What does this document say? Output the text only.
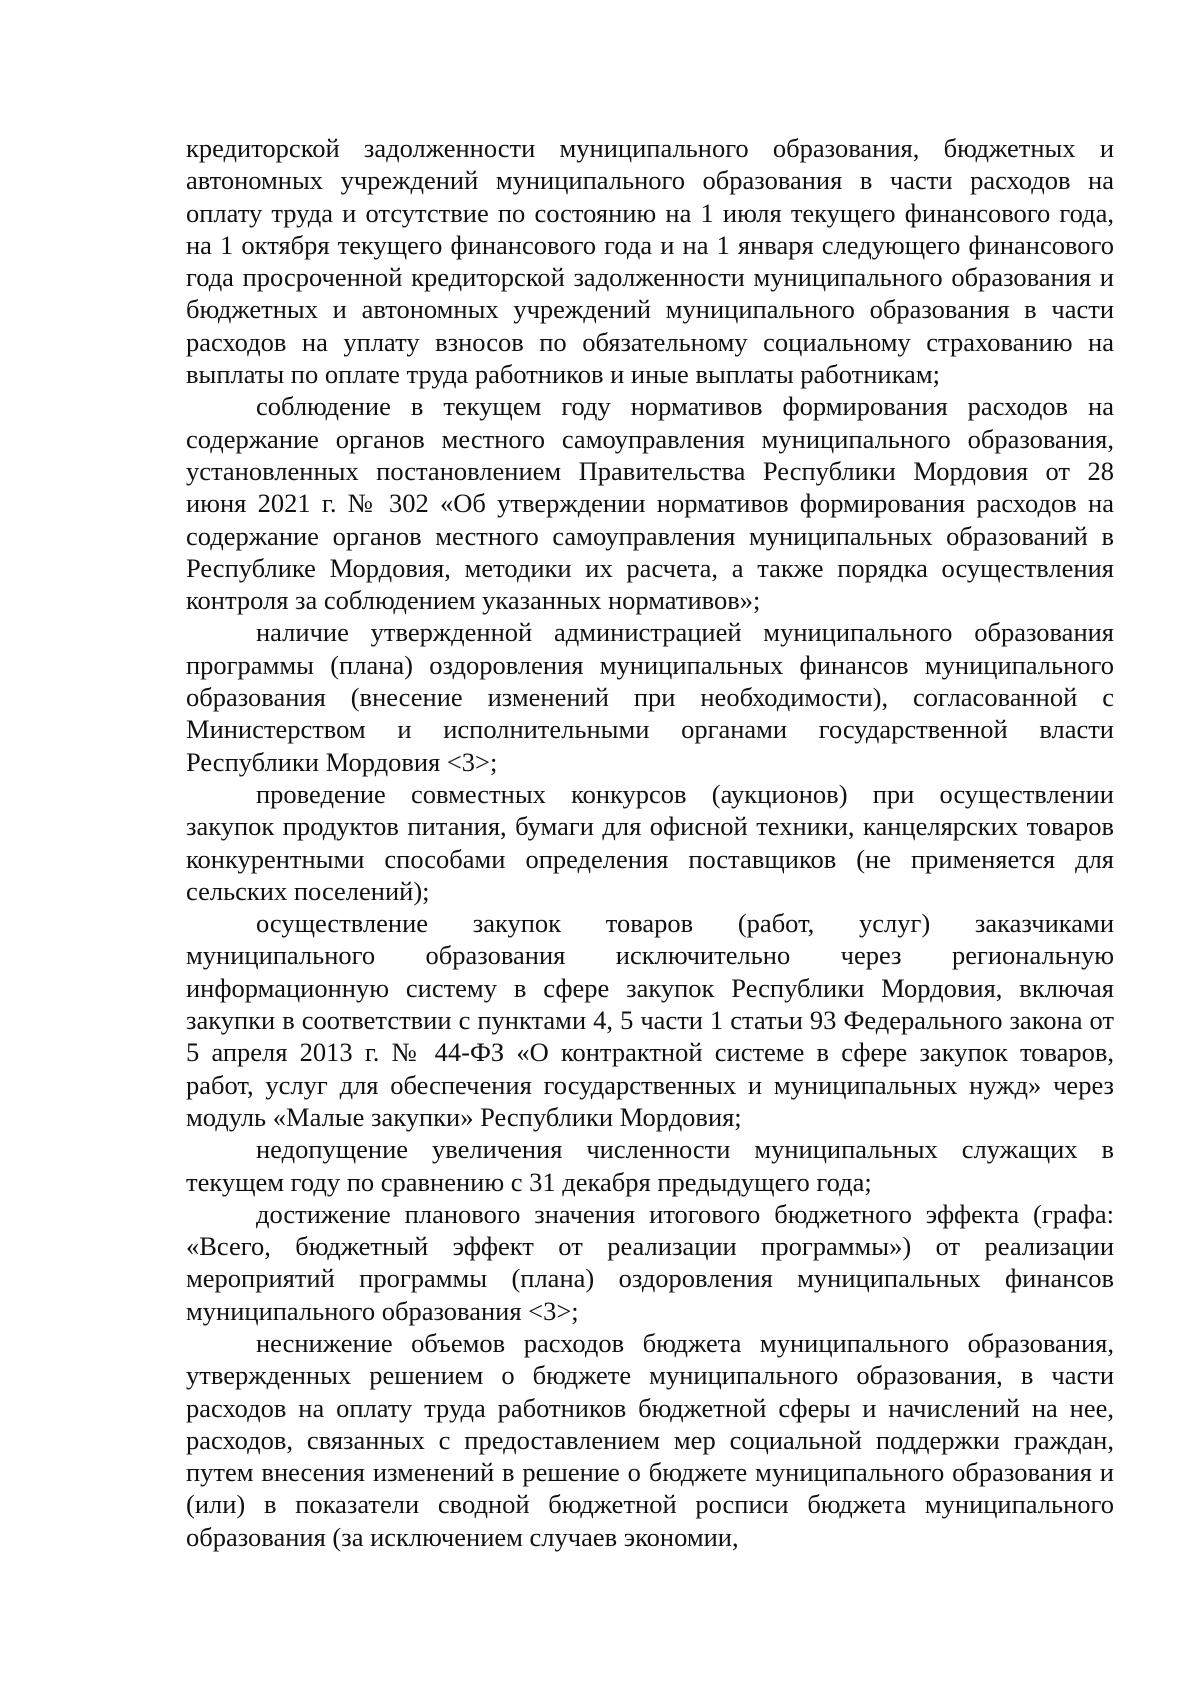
кредиторской задолженности муниципального образования, бюджетных и автономных учреждений муниципального образования в части расходов на оплату труда и отсутствие по состоянию на 1 июля текущего финансового года, на 1 октября текущего финансового года и на 1 января следующего финансового года просроченной кредиторской задолженности муниципального образования и бюджетных и автономных учреждений муниципального образования в части расходов на уплату взносов по обязательному социальному страхованию на выплаты по оплате труда работников и иные выплаты работникам;

соблюдение в текущем году нормативов формирования расходов на содержание органов местного самоуправления муниципального образования, установленных постановлением Правительства Республики Мордовия от 28 июня 2021 г. № 302 «Об утверждении нормативов формирования расходов на содержание органов местного самоуправления муниципальных образований в Республике Мордовия, методики их расчета, а также порядка осуществления контроля за соблюдением указанных нормативов»;

наличие утвержденной администрацией муниципального образования программы (плана) оздоровления муниципальных финансов муниципального образования (внесение изменений при необходимости), согласованной с Министерством и исполнительными органами государственной власти Республики Мордовия <3>;

проведение совместных конкурсов (аукционов) при осуществлении закупок продуктов питания, бумаги для офисной техники, канцелярских товаров конкурентными способами определения поставщиков (не применяется для сельских поселений);

осуществление закупок товаров (работ, услуг) заказчиками муниципального образования исключительно через региональную информационную систему в сфере закупок Республики Мордовия, включая закупки в соответствии с пунктами 4, 5 части 1 статьи 93 Федерального закона от 5 апреля 2013 г. № 44-ФЗ «О контрактной системе в сфере закупок товаров, работ, услуг для обеспечения государственных и муниципальных нужд» через модуль «Малые закупки» Республики Мордовия;

недопущение увеличения численности муниципальных служащих в текущем году по сравнению с 31 декабря предыдущего года;

достижение планового значения итогового бюджетного эффекта (графа: «Всего, бюджетный эффект от реализации программы») от реализации мероприятий программы (плана) оздоровления муниципальных финансов муниципального образования <3>;

неснижение объемов расходов бюджета муниципального образования, утвержденных решением о бюджете муниципального образования, в части расходов на оплату труда работников бюджетной сферы и начислений на нее, расходов, связанных с предоставлением мер социальной поддержки граждан, путем внесения изменений в решение о бюджете муниципального образования и (или) в показатели сводной бюджетной росписи бюджета муниципального образования (за исключением случаев экономии,
